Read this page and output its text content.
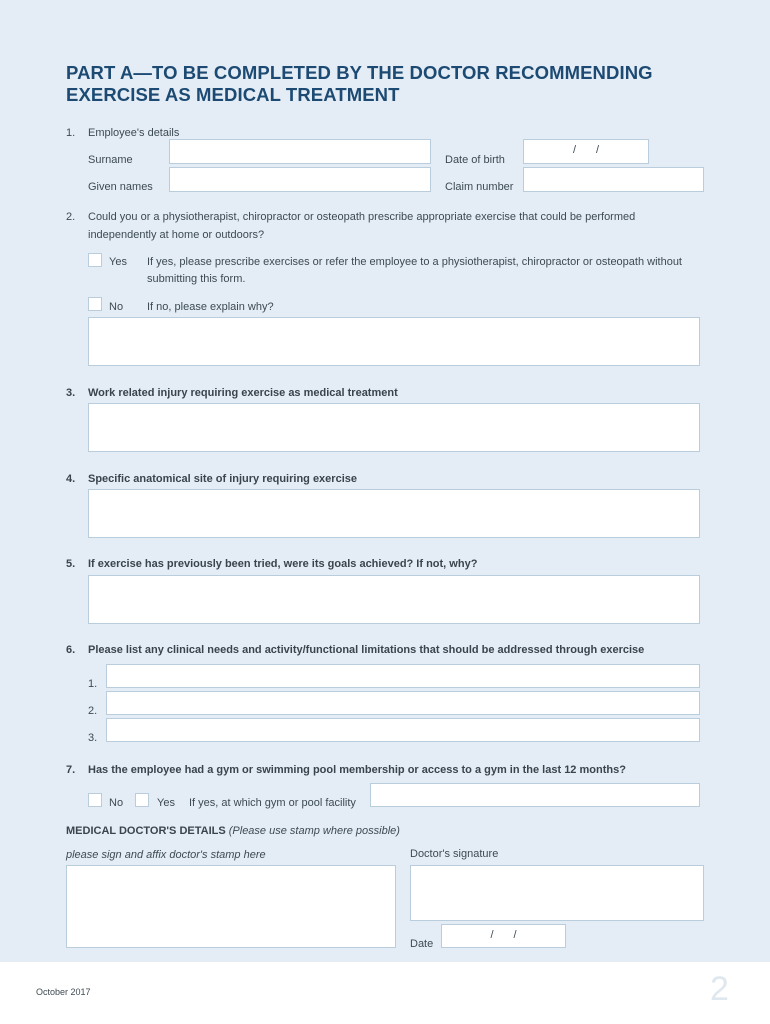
PART A—TO BE COMPLETED BY THE DOCTOR RECOMMENDING
EXERCISE AS MEDICAL TREATMENT
1. Employee's details
Surname	Date of birth
/ /
Given names	Claim number
2. Could you or a physiotherapist, chiropractor or osteopath prescribe appropriate exercise that could be performed
independently at home or outdoors?
Yes If yes, please prescribe exercises or refer the employee to a physiotherapist, chiropractor or osteopath without
submitting this form.
No If no, please explain why?
3. Work related injury requiring exercise as medical treatment
4. Specific anatomical site of injury requiring exercise
5. If exercise has previously been tried, were its goals achieved? If not, why?
6. Please list any clinical needs and activity/functional limitations that should be addressed through exercise
1.
2.
3.
7. Has the employee had a gym or swimming pool membership or access to a gym in the last 12 months?
No	Yes If yes, at which gym or pool facility
MEDICAL DOCTOR'S DETAILS (Please use stamp where possible)
please sign and affix doctor's stamp here	Doctor's signature
Date
/ /
October 2017	2
